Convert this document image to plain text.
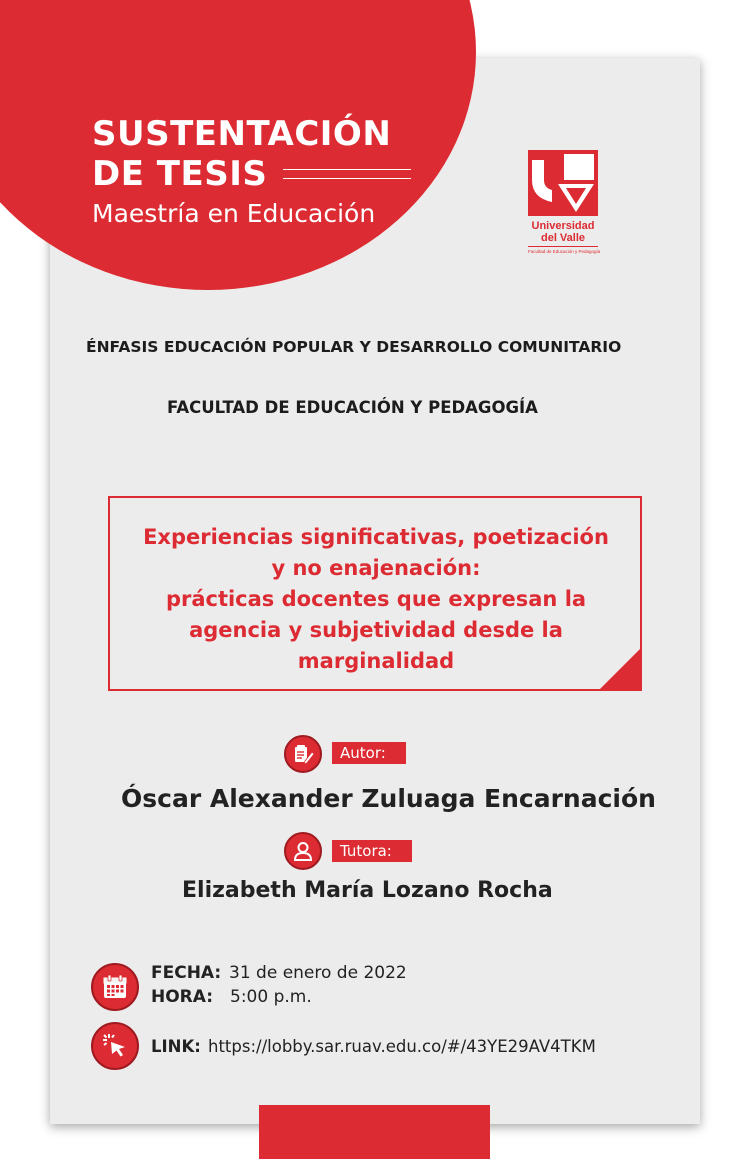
SUSTENTACIÓN
DE TESIS
Maestría en Educación	Universidad
del Valle
Facultad de Educación y Pedagogía
ÉNFASIS EDUCACIÓN POPULAR Y DESARROLLO COMUNITARIO
FACULTAD DE EDUCACIÓN Y PEDAGOGÍA
Experiencias significativas, poetización
y no enajenación:
prácticas docentes que expresan la
agencia y subjetividad desde la
marginalidad
Autor:
Óscar Alexander Zuluaga Encarnación
Tutora:
Elizabeth María Lozano Rocha
FECHA: 31 de enero de 2022
HORA: 5:00 p.m.
LINK: https://lobby.sar.ruav.edu.co/#/43YE29AV4TKM
